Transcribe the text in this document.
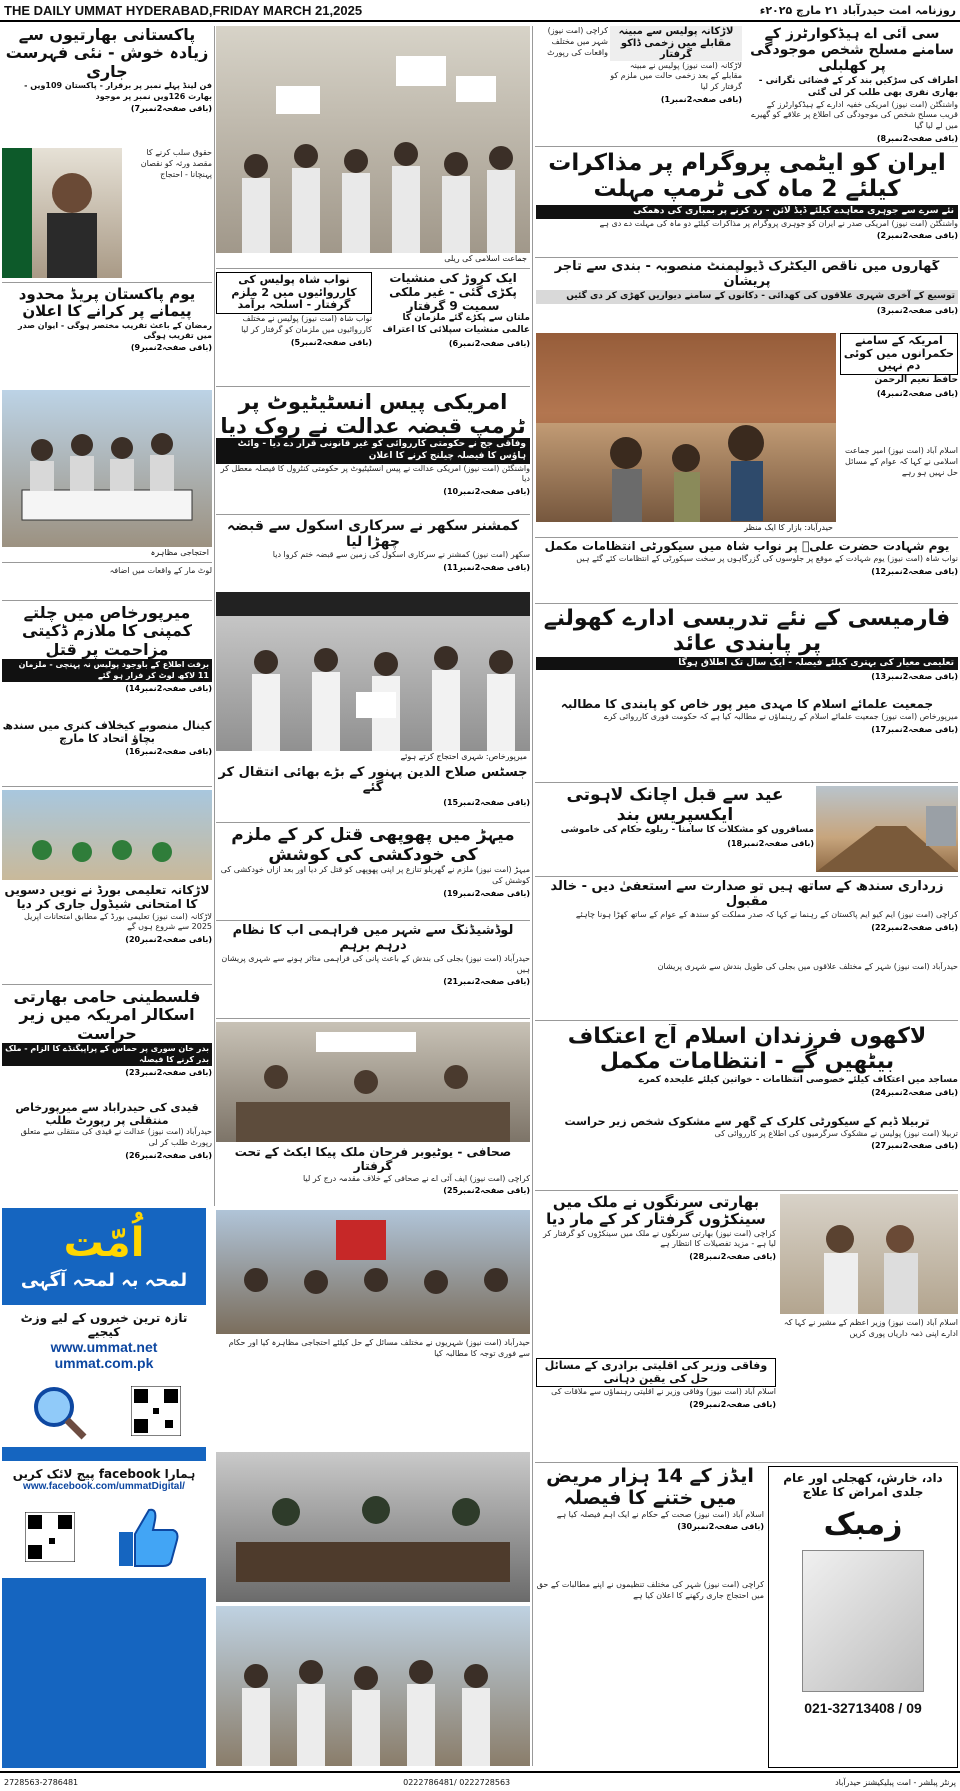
THE DAILY UMMAT HYDERABAD,FRIDAY MARCH 21,2025	روزنامہ امت حیدرآباد ۲۱ مارچ ۲۰۲۵ء
سی آئی اے ہیڈکوارٹرز کے سامنے مسلح شخص موجودگی پر کھلبلی
اطراف کی سڑکیں بند کر کے فضائی نگرانی - بھاری نفری بھی طلب کر لی گئی
واشنگٹن (امت نیوز) امریکی خفیہ ادارے کے ہیڈکوارٹرز کے قریب مسلح شخص کی موجودگی کی اطلاع پر علاقے کو گھیرے میں لے لیا گیا
(باقی صفحہ2نمبر8)
لاڑکانہ پولیس سے مبینہ مقابلے میں زخمی ڈاکو گرفتار
لاڑکانہ (امت نیوز) پولیس نے مبینہ مقابلے کے بعد زخمی حالت میں ملزم کو گرفتار کر لیا
(باقی صفحہ2نمبر1)
کراچی (امت نیوز) شہر میں مختلف واقعات کی رپورٹ
ایران کو ایٹمی پروگرام پر مذاکرات کیلئے 2 ماہ کی ٹرمپ مہلت
نئے سرے سے جوہری معاہدے کیلئے ڈیڈ لائن - رد کرنے پر بمباری کی دھمکی
واشنگٹن (امت نیوز) امریکی صدر نے ایران کو جوہری پروگرام پر مذاکرات کیلئے دو ماہ کی مہلت دے دی ہے
(باقی صفحہ2نمبر2)
گھاروں میں ناقص الیکٹرک ڈیولپمنٹ منصوبہ - بندی سے تاجر پریشان
توسیع کے آخری شہری علاقوں کی کھدائی - دکانوں کے سامنے دیواریں کھڑی کر دی گئیں
(باقی صفحہ2نمبر3)
امریکہ کے سامنے حکمرانوں میں کوئی دم نہیں
حافظ نعیم الرحمن
(باقی صفحہ2نمبر4)
حیدرآباد: بازار کا ایک منظر
اسلام آباد (امت نیوز) امیر جماعت اسلامی نے کہا کہ عوام کے مسائل حل نہیں ہو رہے
یوم شہادت حضرت علیؓ پر نواب شاہ میں سیکورٹی انتظامات مکمل
نواب شاہ (امت نیوز) یوم شہادت کے موقع پر جلوسوں کی گزرگاہوں پر سخت سیکورٹی کے انتظامات کئے گئے ہیں
(باقی صفحہ2نمبر12)
فارمیسی کے نئے تدریسی ادارے کھولنے پر پابندی عائد
تعلیمی معیار کی بہتری کیلئے فیصلہ - ایک سال تک اطلاق ہوگا
(باقی صفحہ2نمبر13)
جمعیت علمائے اسلام کا مہدی میر پور خاص کو پابندی کا مطالبہ
میرپورخاص (امت نیوز) جمعیت علمائے اسلام کے رہنماؤں نے مطالبہ کیا ہے کہ حکومت فوری کارروائی کرے
(باقی صفحہ2نمبر17)
عید سے قبل اچانک لاہوتی ایکسپریس بند
مسافروں کو مشکلات کا سامنا - ریلوے حکام کی خاموشی
(باقی صفحہ2نمبر18)
زرداری سندھ کے ساتھ ہیں تو صدارت سے استعفیٰ دیں - خالد مقبول
کراچی (امت نیوز) ایم کیو ایم پاکستان کے رہنما نے کہا کہ صدر مملکت کو سندھ کے عوام کے ساتھ کھڑا ہونا چاہئے
(باقی صفحہ2نمبر22)
حیدرآباد (امت نیوز) شہر کے مختلف علاقوں میں بجلی کی طویل بندش سے شہری پریشان
لاکھوں فرزندان اسلام آج اعتکاف بیٹھیں گے - انتظامات مکمل
مساجد میں اعتکاف کیلئے خصوصی انتظامات - خواتین کیلئے علیحدہ کمرے
(باقی صفحہ2نمبر24)
تربیلا ڈیم کے سیکورٹی کلرک کے گھر سے مشکوک شخص زیر حراست
تربیلا (امت نیوز) پولیس نے مشکوک سرگرمیوں کی اطلاع پر کارروائی کی
(باقی صفحہ2نمبر27)
بھارتی سرنگوں نے ملک میں سینکڑوں گرفتار کر کے مار دیا
کراچی (امت نیوز) بھارتی سرنگوں نے ملک میں سینکڑوں کو گرفتار کر لیا ہے - مزید تفصیلات کا انتظار ہے
(باقی صفحہ2نمبر28)
اسلام آباد (امت نیوز) وزیر اعظم کے مشیر نے کہا کہ ادارے اپنی ذمہ داریاں پوری کریں
وفاقی وزیر کی اقلیتی برادری کے مسائل حل کی یقین دہانی
اسلام آباد (امت نیوز) وفاقی وزیر نے اقلیتی رہنماؤں سے ملاقات کی
(باقی صفحہ2نمبر29)
ایڈز کے 14 ہزار مریض میں ختنے کا فیصلہ
اسلام آباد (امت نیوز) صحت کے حکام نے ایک اہم فیصلہ کیا ہے
(باقی صفحہ2نمبر30)
داد، خارش، کھجلی اور عام جلدی امراض کا علاج
زمبک
021-32713408 / 09
جماعت اسلامی کی ریلی
ایک کروڑ کی منشیات پکڑی گئی - غیر ملکی سمیت 9 گرفتار
ملتان سے پکڑے گئے ملزمان کا عالمی منشیات سپلائی کا اعتراف
(باقی صفحہ2نمبر6)
نواب شاہ پولیس کی کارروائیوں میں 2 ملزم گرفتار - اسلحہ برآمد
نواب شاہ (امت نیوز) پولیس نے مختلف کارروائیوں میں ملزمان کو گرفتار کر لیا
(باقی صفحہ2نمبر5)
امریکی پیس انسٹیٹیوٹ پر ٹرمپ قبضہ عدالت نے روک دیا
وفاقی جج نے حکومتی کارروائی کو غیر قانونی قرار دے دیا - وائٹ ہاؤس کا فیصلہ چیلنج کرنے کا اعلان
واشنگٹن (امت نیوز) امریکی عدالت نے پیس انسٹیٹیوٹ پر حکومتی کنٹرول کا فیصلہ معطل کر دیا
(باقی صفحہ2نمبر10)
کمشنر سکھر نے سرکاری اسکول سے قبضہ چھڑا لیا
سکھر (امت نیوز) کمشنر نے سرکاری اسکول کی زمین سے قبضہ ختم کروا دیا
(باقی صفحہ2نمبر11)
میرپورخاص: شہری احتجاج کرتے ہوئے
جسٹس صلاح الدین پہنور کے بڑے بھائی انتقال کر گئے
(باقی صفحہ2نمبر15)
میہڑ میں پھوپھی قتل کر کے ملزم کی خودکشی کی کوشش
میہڑ (امت نیوز) ملزم نے گھریلو تنازع پر اپنی پھوپھی کو قتل کر دیا اور بعد ازاں خودکشی کی کوشش کی
(باقی صفحہ2نمبر19)
لوڈشیڈنگ سے شہر میں فراہمی آب کا نظام درہم برہم
حیدرآباد (امت نیوز) بجلی کی بندش کے باعث پانی کی فراہمی متاثر ہونے سے شہری پریشان ہیں
(باقی صفحہ2نمبر21)
صحافی - یوٹیوبر فرحان ملک پیکا ایکٹ کے تحت گرفتار
کراچی (امت نیوز) ایف آئی اے نے صحافی کے خلاف مقدمہ درج کر لیا
(باقی صفحہ2نمبر25)
پاکستانی بھارتیوں سے زیادہ خوش - نئی فہرست جاری
فن لینڈ پہلے نمبر پر برقرار - پاکستان 109ویں - بھارت 126ویں نمبر پر موجود
(باقی صفحہ2نمبر7)
حقوق سلب کرنے کا مقصد ورثہ کو نقصان پہنچانا - احتجاج
یوم پاکستان پریڈ محدود پیمانے پر کرانے کا اعلان
رمضان کے باعث تقریب مختصر ہوگی - ایوان صدر میں تقریب ہوگی
(باقی صفحہ2نمبر9)
احتجاجی مظاہرہ
لوٹ مار کے واقعات میں اضافہ
میرپورخاص میں چلتے کمپنی کا ملازم ڈکیتی مزاحمت پر قتل
برقت اطلاع کے باوجود پولیس نہ پہنچی - ملزمان 11 لاکھ لوٹ کر فرار ہو گئے
(باقی صفحہ2نمبر14)
کینال منصوبے کیخلاف کنری میں سندھ بچاؤ اتحاد کا مارچ
(باقی صفحہ2نمبر16)
لاڑکانہ تعلیمی بورڈ نے نویں دسویں کا امتحانی شیڈول جاری کر دیا
لاڑکانہ (امت نیوز) تعلیمی بورڈ کے مطابق امتحانات اپریل 2025 سے شروع ہوں گے
(باقی صفحہ2نمبر20)
فلسطینی حامی بھارتی اسکالر امریکہ میں زیر حراست
بدر خان سوری پر حماس کے پراپیگنڈے کا الزام - ملک بدر کرنے کا فیصلہ
(باقی صفحہ2نمبر23)
قیدی کی حیدرآباد سے میرپورخاص منتقلی پر رپورٹ طلب
حیدرآباد (امت نیوز) عدالت نے قیدی کی منتقلی سے متعلق رپورٹ طلب کر لی
(باقی صفحہ2نمبر26)
اُمّت
لمحہ بہ لمحہ آگہی
تازہ ترین خبروں کے لیے وزٹ کیجیے
www.ummat.net
ummat.com.pk
ہمارا facebook پیج لائک کریں
www.facebook.com/ummatDigital/
حیدرآباد (امت نیوز) شہریوں نے مختلف مسائل کے حل کیلئے احتجاجی مظاہرہ کیا اور حکام سے فوری توجہ کا مطالبہ کیا
کراچی (امت نیوز) شہر کی مختلف تنظیموں نے اپنے مطالبات کے حق میں احتجاج جاری رکھنے کا اعلان کیا ہے
2728563-2786481	0222786481/ 0222728563	پرنٹر پبلشر - امت پبلیکیشنز حیدرآباد
